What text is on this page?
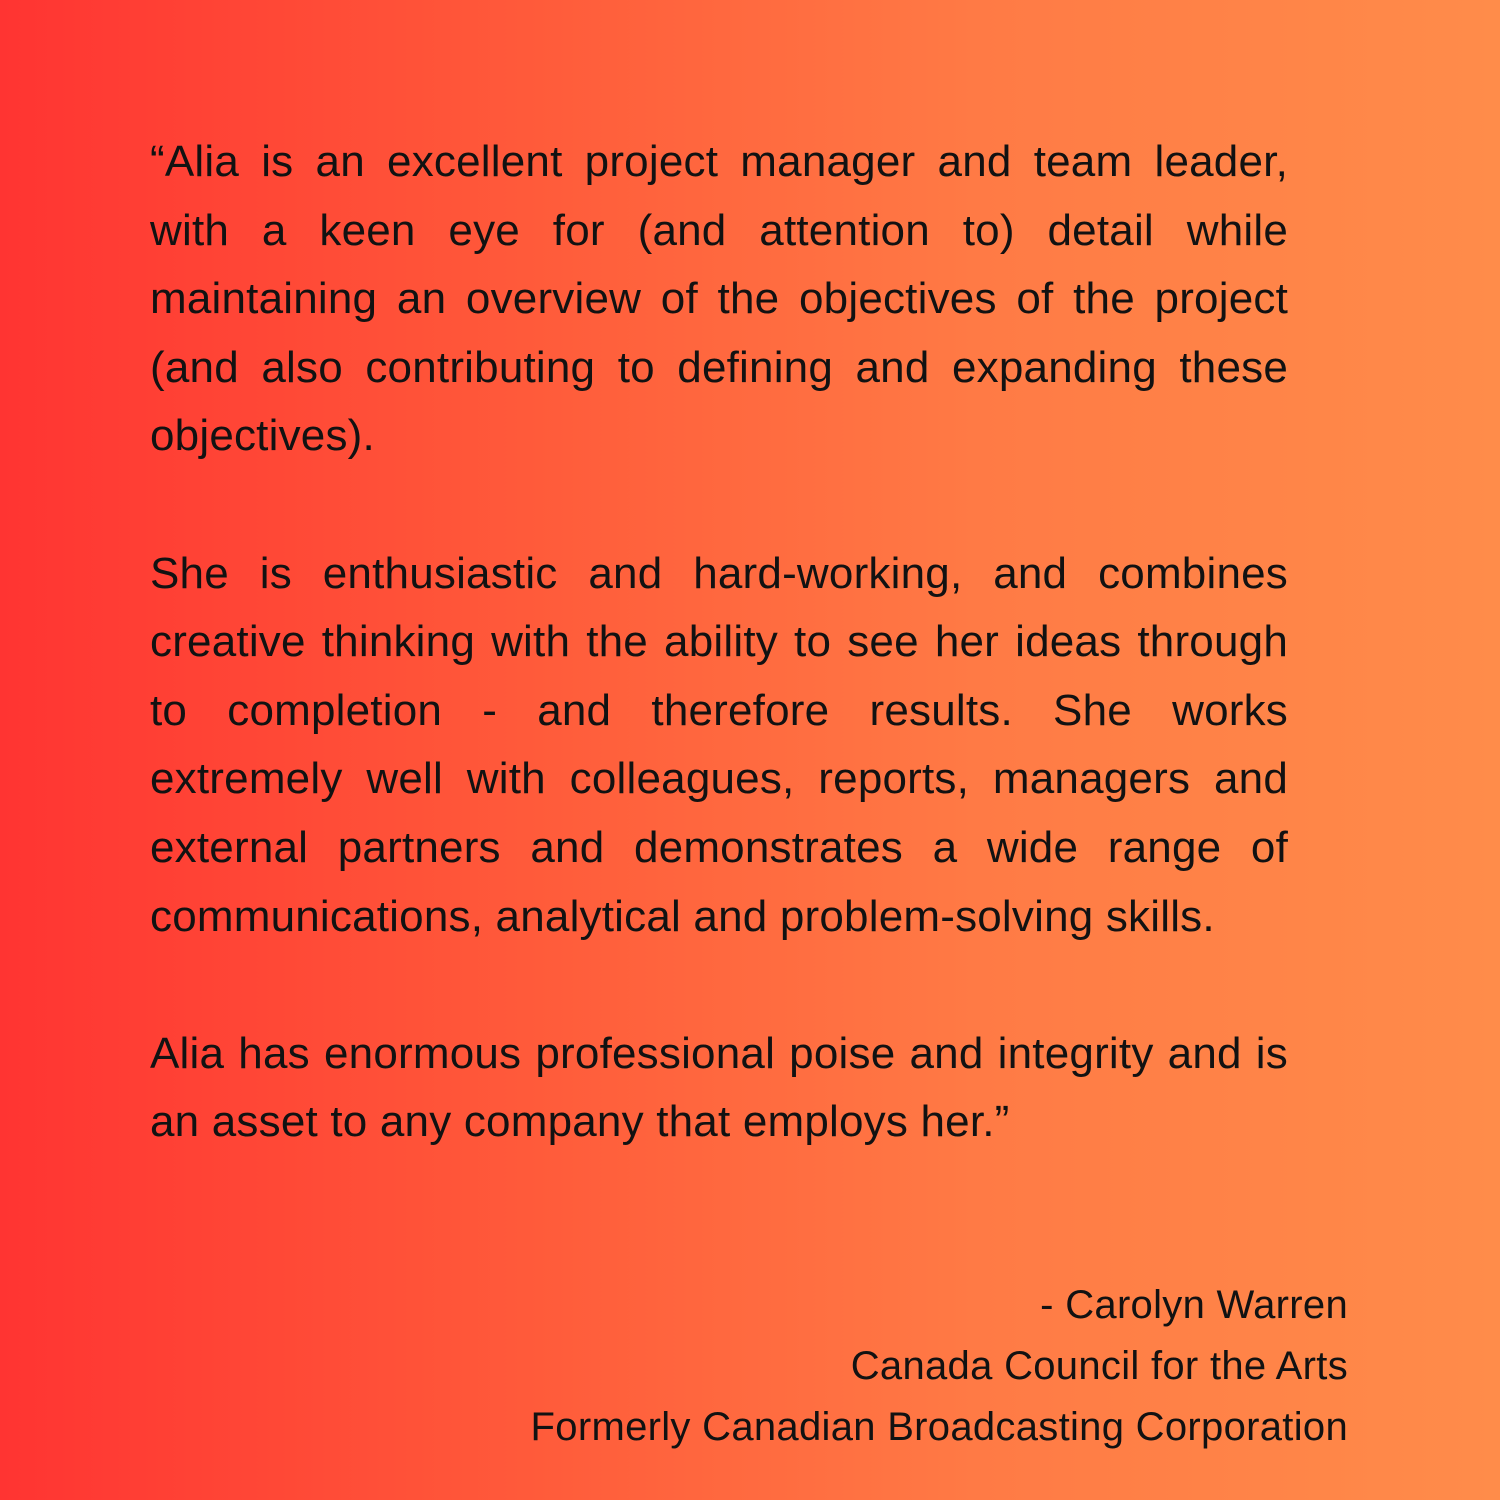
“Alia is an excellent project manager and team leader, with a keen eye for (and attention to) detail while maintaining an overview of the objectives of the project (and also contributing to defining and expanding these objectives).

She is enthusiastic and hard-working, and combines creative thinking with the ability to see her ideas through to completion - and therefore results. She works extremely well with colleagues, reports, managers and external partners and demonstrates a wide range of communications, analytical and problem-solving skills.

Alia has enormous professional poise and integrity and is an asset to any company that employs her.”

- Carolyn Warren
Canada Council for the Arts
Formerly Canadian Broadcasting Corporation
